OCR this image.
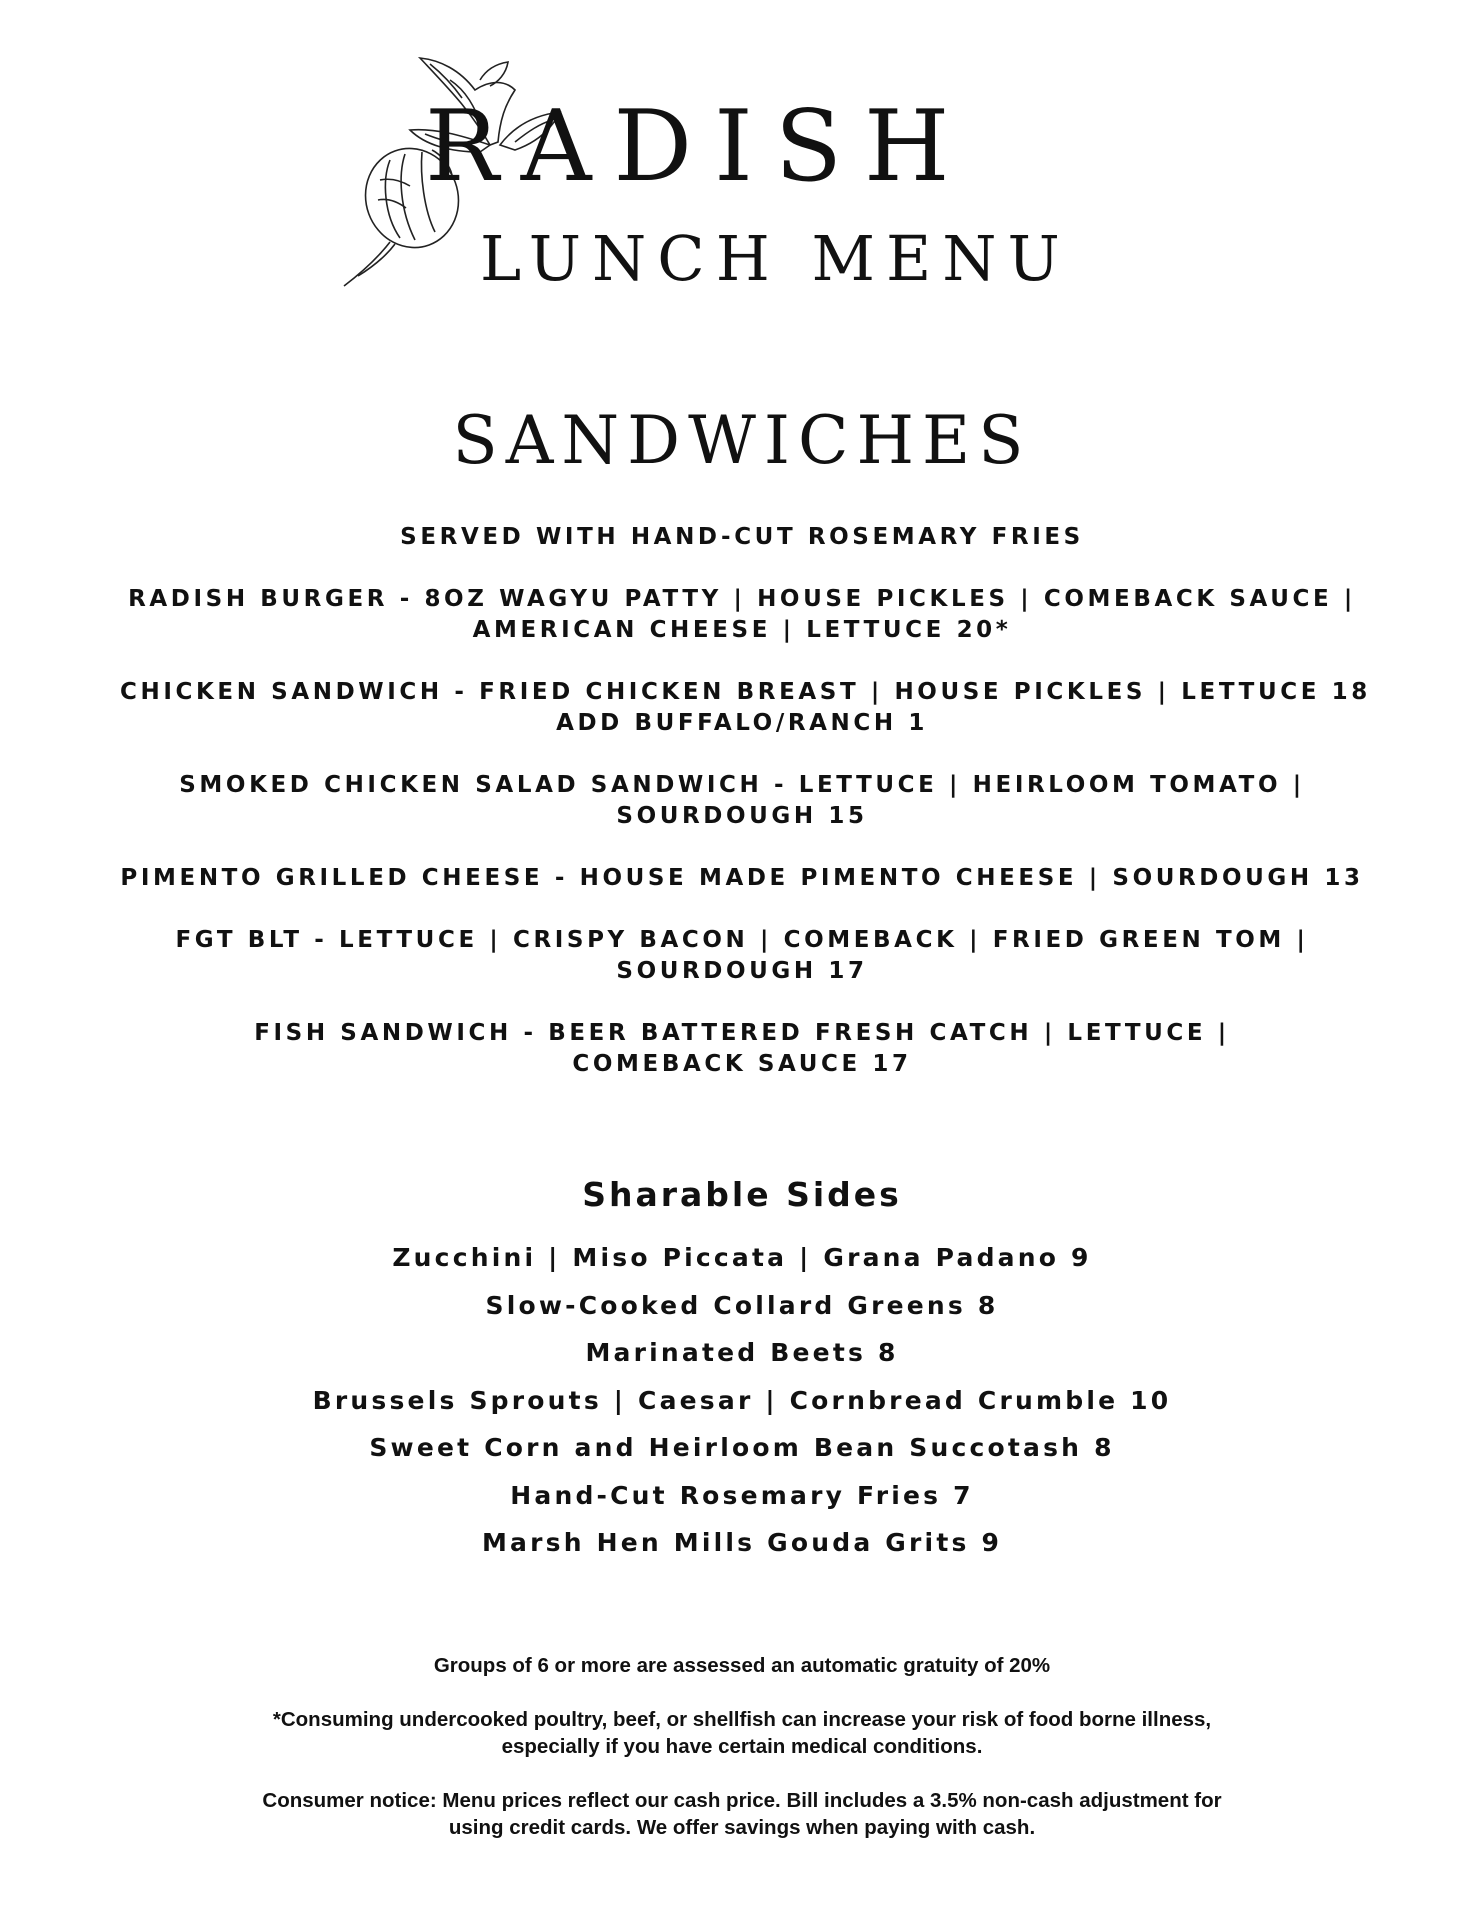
RADISH
LUNCH MENU
SANDWICHES
SERVED WITH HAND-CUT ROSEMARY FRIES
RADISH BURGER - 8OZ WAGYU PATTY | HOUSE PICKLES | COMEBACK SAUCE |
AMERICAN CHEESE | LETTUCE 20*
CHICKEN SANDWICH - FRIED CHICKEN BREAST | HOUSE PICKLES | LETTUCE 18
ADD BUFFALO/RANCH 1
SMOKED CHICKEN SALAD SANDWICH - LETTUCE | HEIRLOOM TOMATO |
SOURDOUGH 15
PIMENTO GRILLED CHEESE - HOUSE MADE PIMENTO CHEESE | SOURDOUGH 13
FGT BLT - LETTUCE | CRISPY BACON | COMEBACK | FRIED GREEN TOM |
SOURDOUGH 17
FISH SANDWICH - BEER BATTERED FRESH CATCH | LETTUCE |
COMEBACK SAUCE 17
Sharable Sides
Zucchini | Miso Piccata | Grana Padano 9
Slow-Cooked Collard Greens 8
Marinated Beets 8
Brussels Sprouts | Caesar | Cornbread Crumble 10
Sweet Corn and Heirloom Bean Succotash 8
Hand-Cut Rosemary Fries 7
Marsh Hen Mills Gouda Grits 9

Groups of 6 or more are assessed an automatic gratuity of 20%

*Consuming undercooked poultry, beef, or shellfish can increase your risk of food borne illness,
especially if you have certain medical conditions.

Consumer notice: Menu prices reflect our cash price. Bill includes a 3.5% non-cash adjustment for
using credit cards. We offer savings when paying with cash.
